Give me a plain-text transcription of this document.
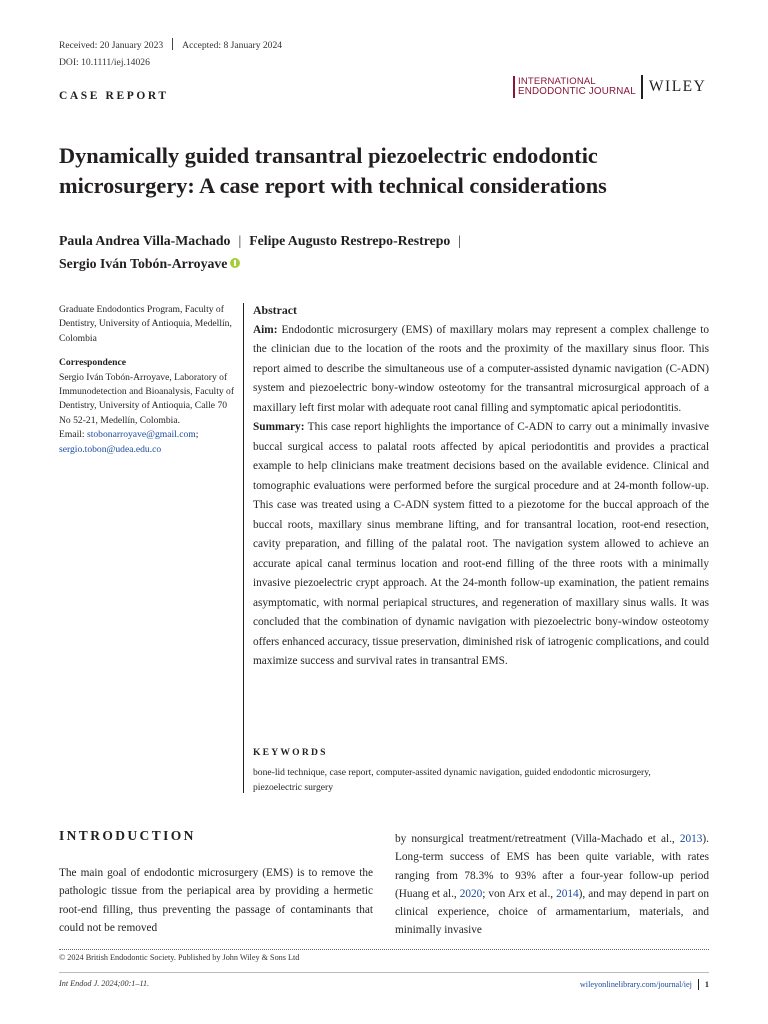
Received: 20 January 2023 Accepted: 8 January 2024
DOI: 10.1111/iej.14026
CASE REPORT
INTERNATIONAL
ENDODONTIC JOURNAL WILEY
Dynamically guided transantral piezoelectric endodontic microsurgery: A case report with technical considerations
Paula Andrea Villa-Machado | Felipe Augusto Restrepo-Restrepo |
Sergio Iván Tobón-Arroyave
Graduate Endodontics Program, Faculty of Dentistry, University of Antioquia, Medellín, Colombia
Correspondence
Sergio Iván Tobón-Arroyave, Laboratory of Immunodetection and Bioanalysis, Faculty of Dentistry, University of Antioquia, Calle 70 No 52-21, Medellín, Colombia.
Email: stobonarroyave@gmail.com;
sergio.tobon@udea.edu.co
Abstract
Aim: Endodontic microsurgery (EMS) of maxillary molars may represent a complex challenge to the clinician due to the location of the roots and the proximity of the maxillary sinus floor. This report aimed to describe the simultaneous use of a computer-assisted dynamic navigation (C-ADN) system and piezoelectric bony-window osteotomy for the transantral microsurgical approach of a maxillary left first molar with adequate root canal filling and symptomatic apical periodontitis.
Summary: This case report highlights the importance of C-ADN to carry out a minimally invasive buccal surgical access to palatal roots affected by apical periodontitis and provides a practical example to help clinicians make treatment decisions based on the available evidence. Clinical and tomographic evaluations were performed before the surgical procedure and at 24-month follow-up. This case was treated using a C-ADN system fitted to a piezotome for the buccal approach of the buccal roots, maxillary sinus membrane lifting, and for transantral location, root-end resection, cavity preparation, and filling of the palatal root. The navigation system allowed to achieve an accurate apical canal terminus location and root-end filling of the three roots with a minimally invasive piezoelectric crypt approach. At the 24-month follow-up examination, the patient remains asymptomatic, with normal periapical structures, and regeneration of maxillary sinus walls. It was concluded that the combination of dynamic navigation with piezoelectric bony-window osteotomy offers enhanced accuracy, tissue preservation, diminished risk of iatrogenic complications, and could maximize success and survival rates in transantral EMS.
KEYWORDS
bone-lid technique, case report, computer-assited dynamic navigation, guided endodontic microsurgery, piezoelectric surgery
INTRODUCTION
The main goal of endodontic microsurgery (EMS) is to remove the pathologic tissue from the periapical area by providing a hermetic root-end filling, thus preventing the passage of contaminants that could not be removed
by nonsurgical treatment/retreatment (Villa-Machado et al., 2013). Long-term success of EMS has been quite variable, with rates ranging from 78.3% to 93% after a four-year follow-up period (Huang et al., 2020; von Arx et al., 2014), and may depend in part on clinical experience, choice of armamentarium, materials, and minimally invasive
© 2024 British Endodontic Society. Published by John Wiley & Sons Ltd
Int Endod J. 2024;00:1–11.	wileyonlinelibrary.com/journal/iej	1
